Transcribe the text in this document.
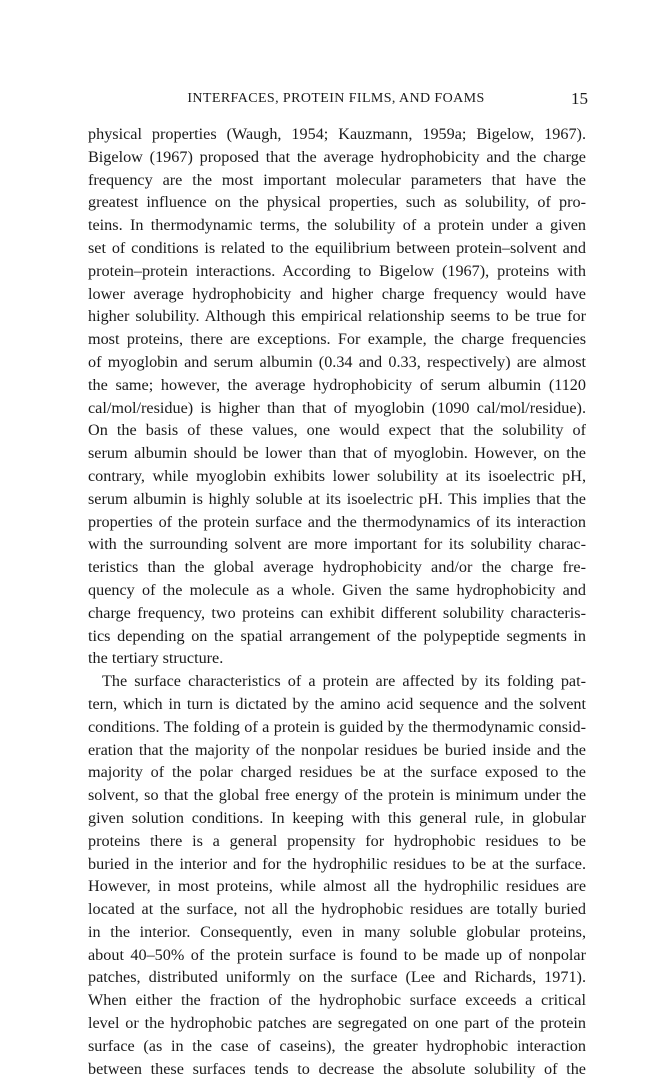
INTERFACES, PROTEIN FILMS, AND FOAMS	15
physical properties (Waugh, 1954; Kauzmann, 1959a; Bigelow, 1967).
Bigelow (1967) proposed that the average hydrophobicity and the charge
frequency are the most important molecular parameters that have the
greatest influence on the physical properties, such as solubility, of pro-
teins. In thermodynamic terms, the solubility of a protein under a given
set of conditions is related to the equilibrium between protein–solvent and
protein–protein interactions. According to Bigelow (1967), proteins with
lower average hydrophobicity and higher charge frequency would have
higher solubility. Although this empirical relationship seems to be true for
most proteins, there are exceptions. For example, the charge frequencies
of myoglobin and serum albumin (0.34 and 0.33, respectively) are almost
the same; however, the average hydrophobicity of serum albumin (1120
cal/mol/residue) is higher than that of myoglobin (1090 cal/mol/residue).
On the basis of these values, one would expect that the solubility of
serum albumin should be lower than that of myoglobin. However, on the
contrary, while myoglobin exhibits lower solubility at its isoelectric pH,
serum albumin is highly soluble at its isoelectric pH. This implies that the
properties of the protein surface and the thermodynamics of its interaction
with the surrounding solvent are more important for its solubility charac-
teristics than the global average hydrophobicity and/or the charge fre-
quency of the molecule as a whole. Given the same hydrophobicity and
charge frequency, two proteins can exhibit different solubility characteris-
tics depending on the spatial arrangement of the polypeptide segments in
the tertiary structure.
The surface characteristics of a protein are affected by its folding pat-
tern, which in turn is dictated by the amino acid sequence and the solvent
conditions. The folding of a protein is guided by the thermodynamic consid-
eration that the majority of the nonpolar residues be buried inside and the
majority of the polar charged residues be at the surface exposed to the
solvent, so that the global free energy of the protein is minimum under the
given solution conditions. In keeping with this general rule, in globular
proteins there is a general propensity for hydrophobic residues to be
buried in the interior and for the hydrophilic residues to be at the surface.
However, in most proteins, while almost all the hydrophilic residues are
located at the surface, not all the hydrophobic residues are totally buried
in the interior. Consequently, even in many soluble globular proteins,
about 40–50% of the protein surface is found to be made up of nonpolar
patches, distributed uniformly on the surface (Lee and Richards, 1971).
When either the fraction of the hydrophobic surface exceeds a critical
level or the hydrophobic patches are segregated on one part of the protein
surface (as in the case of caseins), the greater hydrophobic interaction
between these surfaces tends to decrease the absolute solubility of the
